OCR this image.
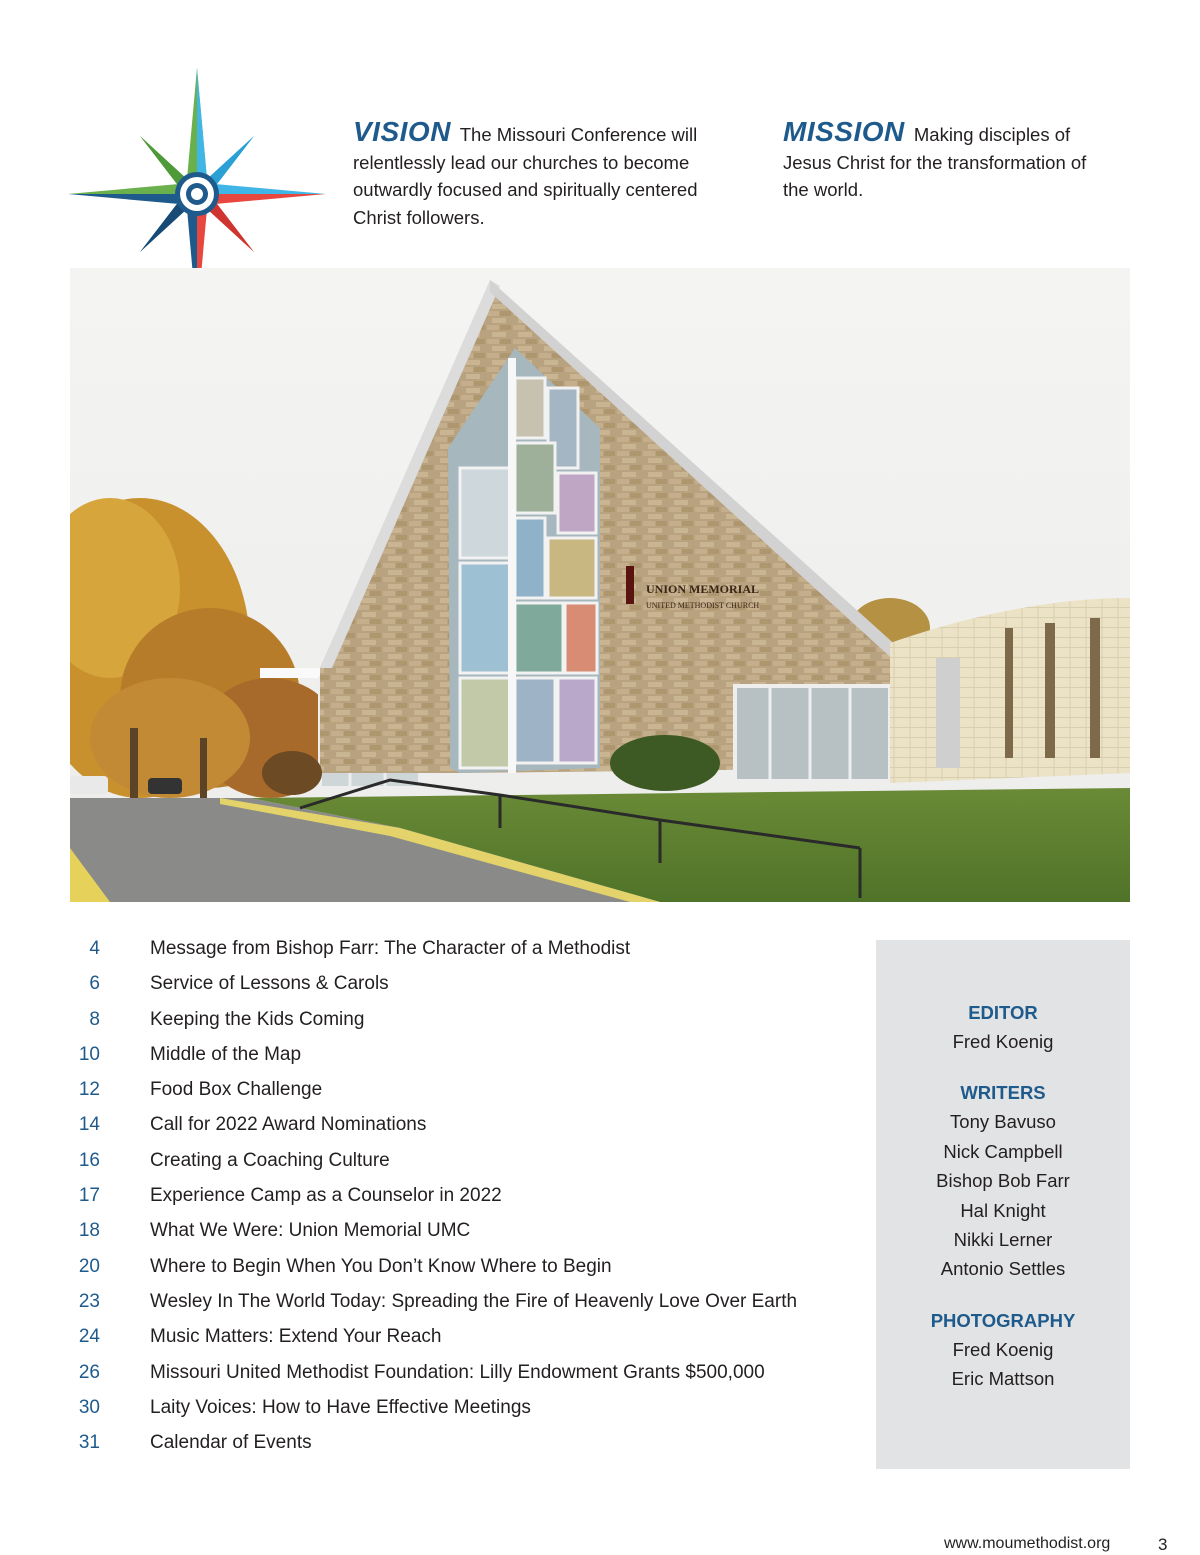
VISION The Missouri Conference will relentlessly lead our churches to become outwardly focused and spiritually centered Christ followers.
MISSION Making disciples of Jesus Christ for the transformation of the world.
UNION MEMORIAL
UNITED METHODIST CHURCH
4	Message from Bishop Farr: The Character of a Methodist
6	Service of Lessons & Carols
8	Keeping the Kids Coming
10	Middle of the Map
12	Food Box Challenge
14	Call for 2022 Award Nominations
16	Creating a Coaching Culture
17	Experience Camp as a Counselor in 2022
18	What We Were: Union Memorial UMC
20	Where to Begin When You Don’t Know Where to Begin
23	Wesley In The World Today: Spreading the Fire of Heavenly Love Over Earth
24	Music Matters: Extend Your Reach
26	Missouri United Methodist Foundation: Lilly Endowment Grants $500,000
30	Laity Voices: How to Have Effective Meetings
31	Calendar of Events
EDITOR
Fred Koenig
WRITERS
Tony Bavuso
Nick Campbell
Bishop Bob Farr
Hal Knight
Nikki Lerner
Antonio Settles
PHOTOGRAPHY
Fred Koenig
Eric Mattson
www.moumethodist.org	3
